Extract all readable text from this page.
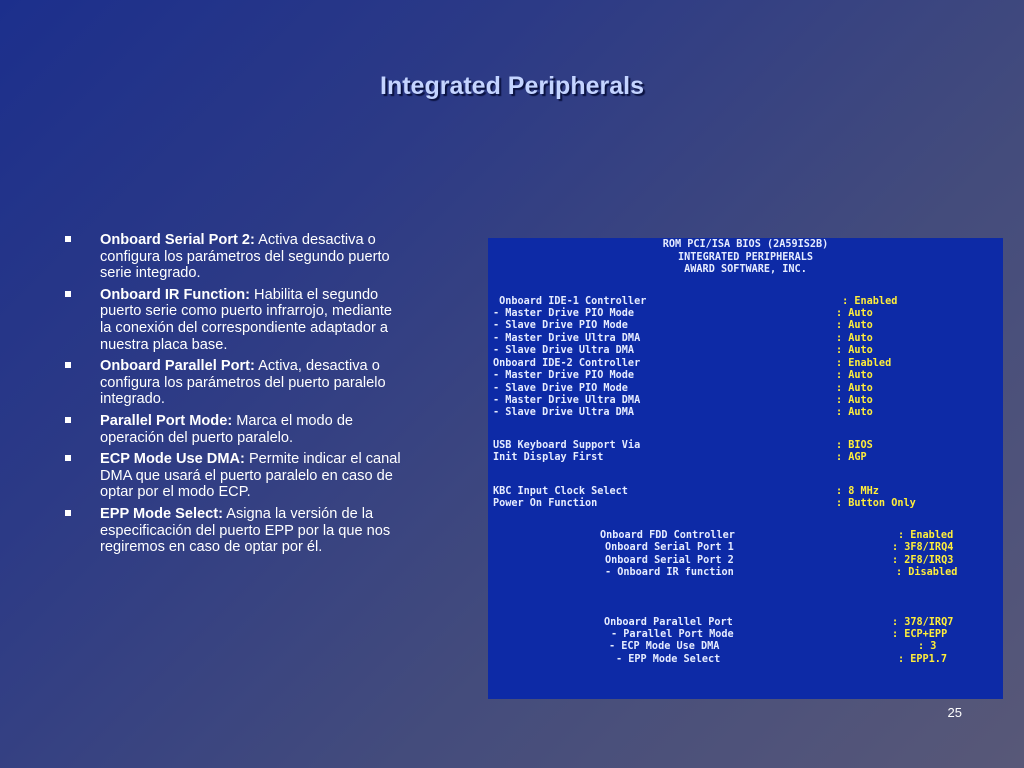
Integrated Peripherals
Onboard Serial Port 2: Activa desactiva o configura los parámetros del segundo puerto serie integrado.
Onboard IR Function: Habilita el segundo puerto serie como puerto infrarrojo, mediante la conexión del correspondiente adaptador a nuestra placa base.
Onboard Parallel Port: Activa, desactiva o configura los parámetros del puerto paralelo integrado.
Parallel Port Mode: Marca el modo de operación del puerto paralelo.
ECP Mode Use DMA: Permite indicar el canal DMA que usará el puerto paralelo en caso de optar por el modo ECP.
EPP Mode Select: Asigna la versión de la especificación del puerto EPP por la que nos regiremos en caso de optar por él.
ROM PCI/ISA BIOS (2A59IS2B)
INTEGRATED PERIPHERALS
AWARD SOFTWARE, INC.
Onboard IDE-1 Controller	: Enabled
- Master Drive PIO Mode	: Auto
- Slave Drive PIO Mode	: Auto
- Master Drive Ultra DMA	: Auto
- Slave Drive Ultra DMA	: Auto
Onboard IDE-2 Controller	: Enabled
- Master Drive PIO Mode	: Auto
- Slave Drive PIO Mode	: Auto
- Master Drive Ultra DMA	: Auto
- Slave Drive Ultra DMA	: Auto
USB Keyboard Support Via	: BIOS
Init Display First	: AGP
KBC Input Clock Select	: 8 MHz
Power On Function	: Button Only
Onboard FDD Controller	: Enabled
Onboard Serial Port 1	: 3F8/IRQ4
Onboard Serial Port 2	: 2F8/IRQ3
- Onboard IR function	: Disabled
Onboard Parallel Port	: 378/IRQ7
- Parallel Port Mode	: ECP+EPP
- ECP Mode Use DMA	: 3
- EPP Mode Select	: EPP1.7
25
